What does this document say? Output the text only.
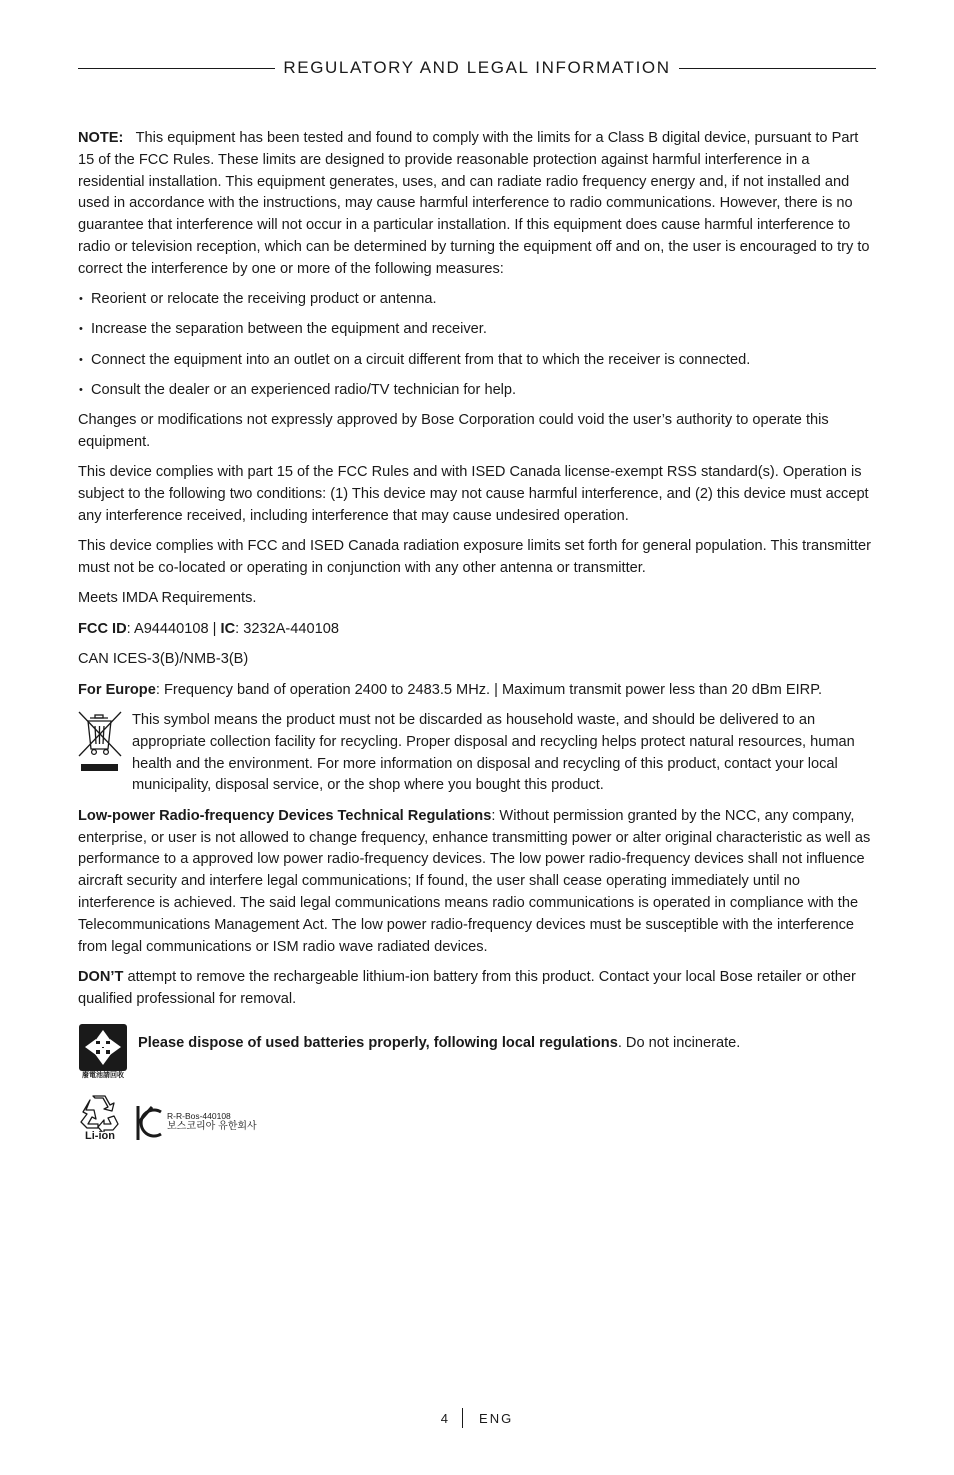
REGULATORY AND LEGAL INFORMATION

NOTE: This equipment has been tested and found to comply with the limits for a Class B digital device, pursuant to Part 15 of the FCC Rules. These limits are designed to provide reasonable protection against harmful interference in a residential installation. This equipment generates, uses, and can radiate radio frequency energy and, if not installed and used in accordance with the instructions, may cause harmful interference to radio communications. However, there is no guarantee that interference will not occur in a particular installation. If this equipment does cause harmful interference to radio or television reception, which can be determined by turning the equipment off and on, the user is encouraged to try to correct the interference by one or more of the following measures:

• Reorient or relocate the receiving product or antenna.
• Increase the separation between the equipment and receiver.
• Connect the equipment into an outlet on a circuit different from that to which the receiver is connected.
• Consult the dealer or an experienced radio/TV technician for help.

Changes or modifications not expressly approved by Bose Corporation could void the user’s authority to operate this equipment.

This device complies with part 15 of the FCC Rules and with ISED Canada license-exempt RSS standard(s). Operation is subject to the following two conditions: (1) This device may not cause harmful interference, and (2) this device must accept any interference received, including interference that may cause undesired operation.

This device complies with FCC and ISED Canada radiation exposure limits set forth for general population. This transmitter must not be co-located or operating in conjunction with any other antenna or transmitter.

Meets IMDA Requirements.

FCC ID: A94440108 | IC: 3232A-440108

CAN ICES-3(B)/NMB-3(B)

For Europe: Frequency band of operation 2400 to 2483.5 MHz. | Maximum transmit power less than 20 dBm EIRP.

This symbol means the product must not be discarded as household waste, and should be delivered to an appropriate collection facility for recycling. Proper disposal and recycling helps protect natural resources, human health and the environment. For more information on disposal and recycling of this product, contact your local municipality, disposal service, or the shop where you bought this product.

Low-power Radio-frequency Devices Technical Regulations: Without permission granted by the NCC, any company, enterprise, or user is not allowed to change frequency, enhance transmitting power or alter original characteristic as well as performance to a approved low power radio-frequency devices. The low power radio-frequency devices shall not influence aircraft security and interfere legal communications; If found, the user shall cease operating immediately until no interference is achieved. The said legal communications means radio communications is operated in compliance with the Telecommunications Management Act. The low power radio-frequency devices must be susceptible with the interference from legal communications or ISM radio wave radiated devices.

DON’T attempt to remove the rechargeable lithium-ion battery from this product. Contact your local Bose retailer or other qualified professional for removal.

廢電池請回收
Please dispose of used batteries properly, following local regulations. Do not incinerate.
Li-ion
R-R-Bos-440108
보스코리아 유한회사
4 ENG
